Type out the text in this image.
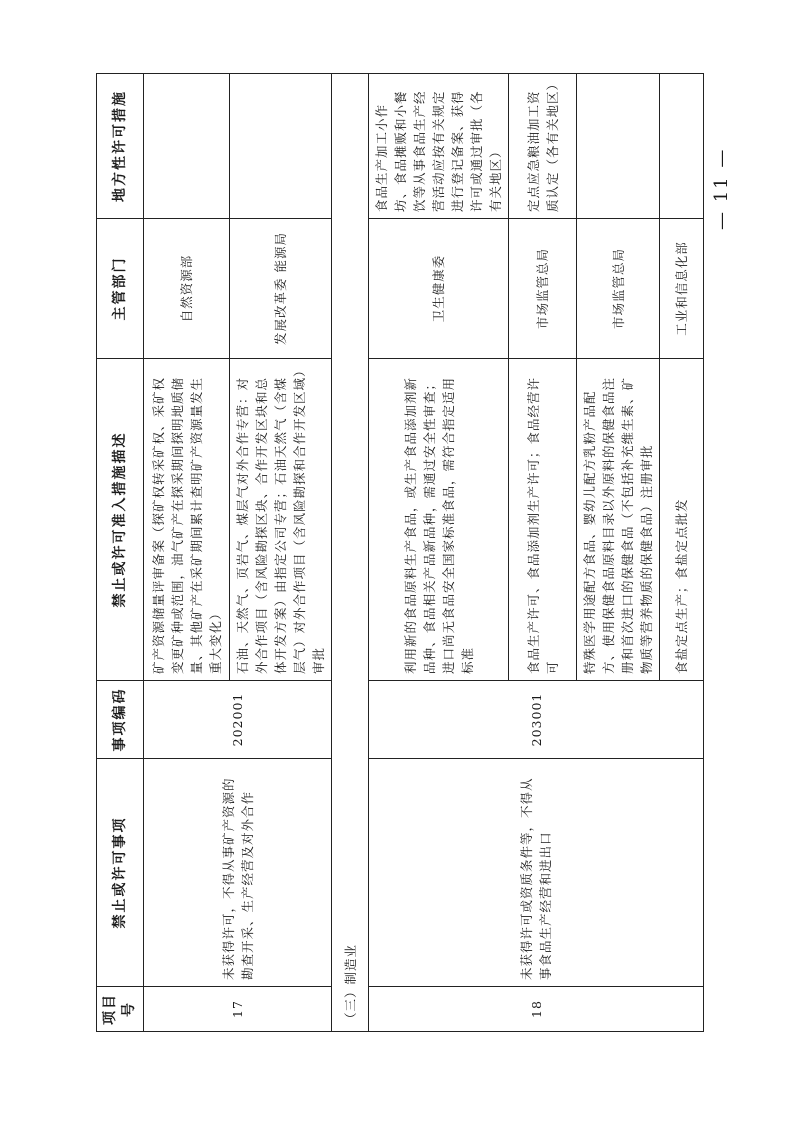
项目号	禁止或许可事项	事项编码	禁止或许可准入措施描述	主管部门	地方性许可措施
17	未获得许可，不得从事矿产资源的勘查开采、生产经营及对外合作	202001	矿产资源储量评审备案（探矿权转采矿权、采矿权变更矿种或范围，油气矿产在探采期间探明地质储量、其他矿产在采矿期间累计查明矿产资源量发生重大变化）	自然资源部	
			石油、天然气、页岩气、煤层气对外合作专营：对外合作项目（含风险勘探区块、合作开发区块和总体开发方案）由指定公司专营；石油天然气（含煤层气）对外合作项目（含风险勘探和合作开发区域）审批	发展改革委 能源局	
（三）制造业					
18	未获得许可或资质条件等，不得从事食品生产经营和进出口	203001	利用新的食品原料生产食品，或生产食品添加剂新品种、食品相关产品新品种，需通过安全性审查；进口尚无食品安全国家标准食品，需符合指定适用标准	卫生健康委	食品生产加工小作坊、食品摊贩和小餐饮等从事食品生产经营活动应按有关规定进行登记备案、获得许可或通过审批（各有关地区）
			食品生产许可、食品添加剂生产许可；食品经营许可	市场监管总局	定点应急粮油加工资质认定（各有关地区）
			特殊医学用途配方食品、婴幼儿配方乳粉产品配方、使用保健食品原料目录以外原料的保健食品注册和首次进口的保健食品（不包括补充维生素、矿物质等营养物质的保健食品）注册审批	市场监管总局	
			食盐定点生产；食盐定点批发	工业和信息化部	
— 11 —
